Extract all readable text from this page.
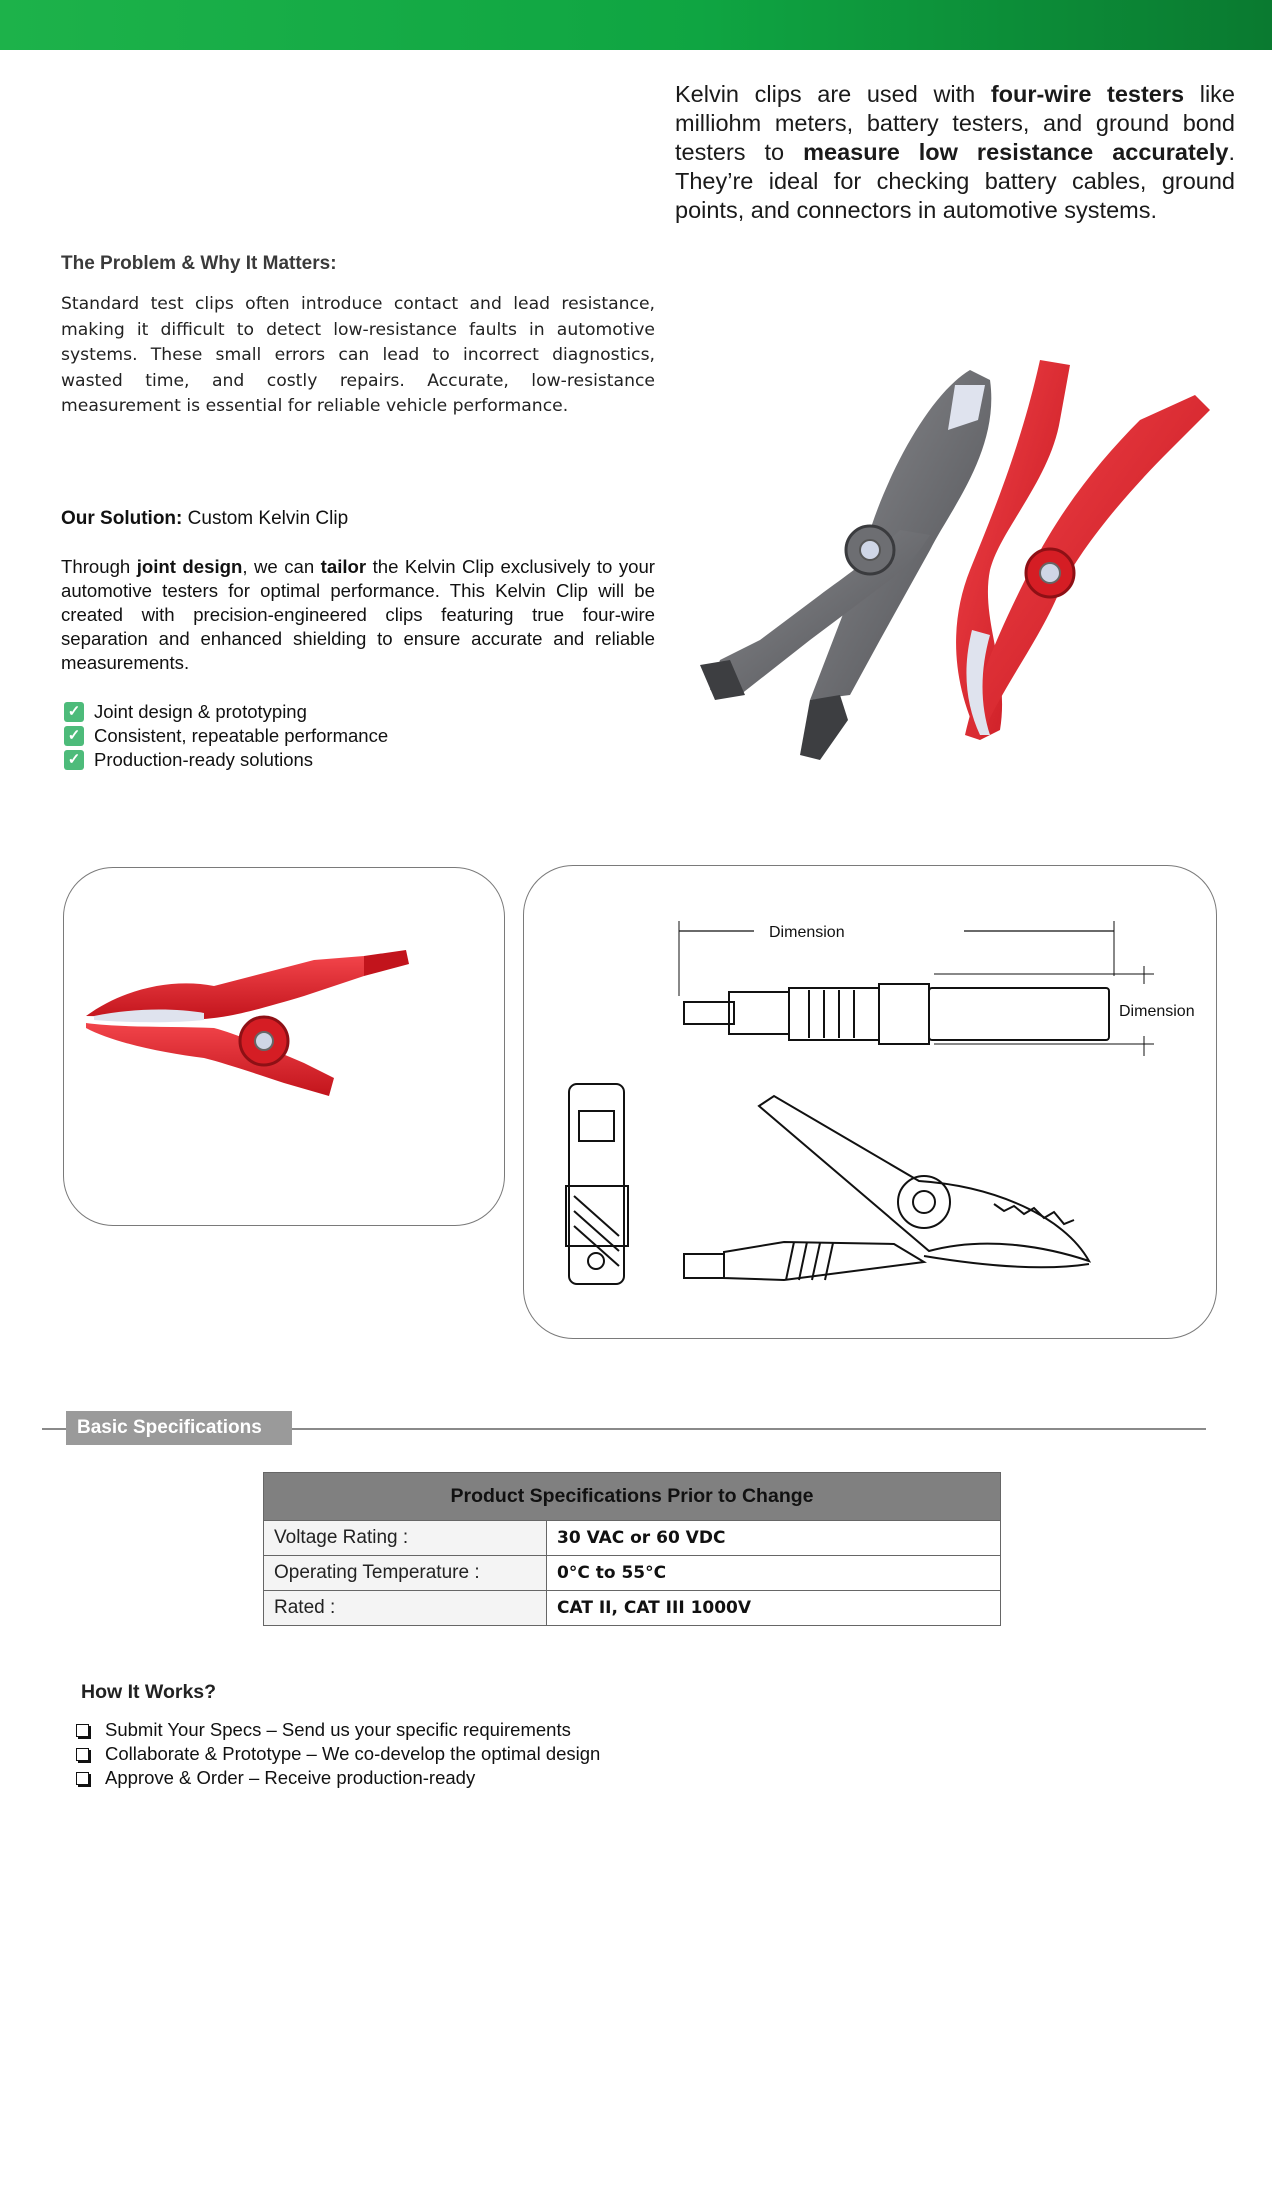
Kelvin clips are used with four-wire testers like milliohm meters, battery testers, and ground bond testers to measure low resistance accurately. They’re ideal for checking battery cables, ground points, and connectors in automotive systems.

The Problem & Why It Matters:

Standard test clips often introduce contact and lead resistance, making it difficult to detect low-resistance faults in automotive systems. These small errors can lead to incorrect diagnostics, wasted time, and costly repairs. Accurate, low-resistance measurement is essential for reliable vehicle performance.

Our Solution: Custom Kelvin Clip

Through joint design, we can tailor the Kelvin Clip exclusively to your automotive testers for optimal performance. This Kelvin Clip will be created with precision-engineered clips featuring true four-wire separation and enhanced shielding to ensure accurate and reliable measurements.

✓ Joint design & prototyping
✓ Consistent, repeatable performance
✓ Production-ready solutions
Dimension
Dimension
Basic Specifications
Product Specifications Prior to Change	
Voltage Rating :	30 VAC or 60 VDC
Operating Temperature :	0°C to 55°C
Rated :	CAT II, CAT III 1000V
How It Works?
Submit Your Specs – Send us your specific requirements
Collaborate & Prototype – We co-develop the optimal design
Approve & Order – Receive production-ready
